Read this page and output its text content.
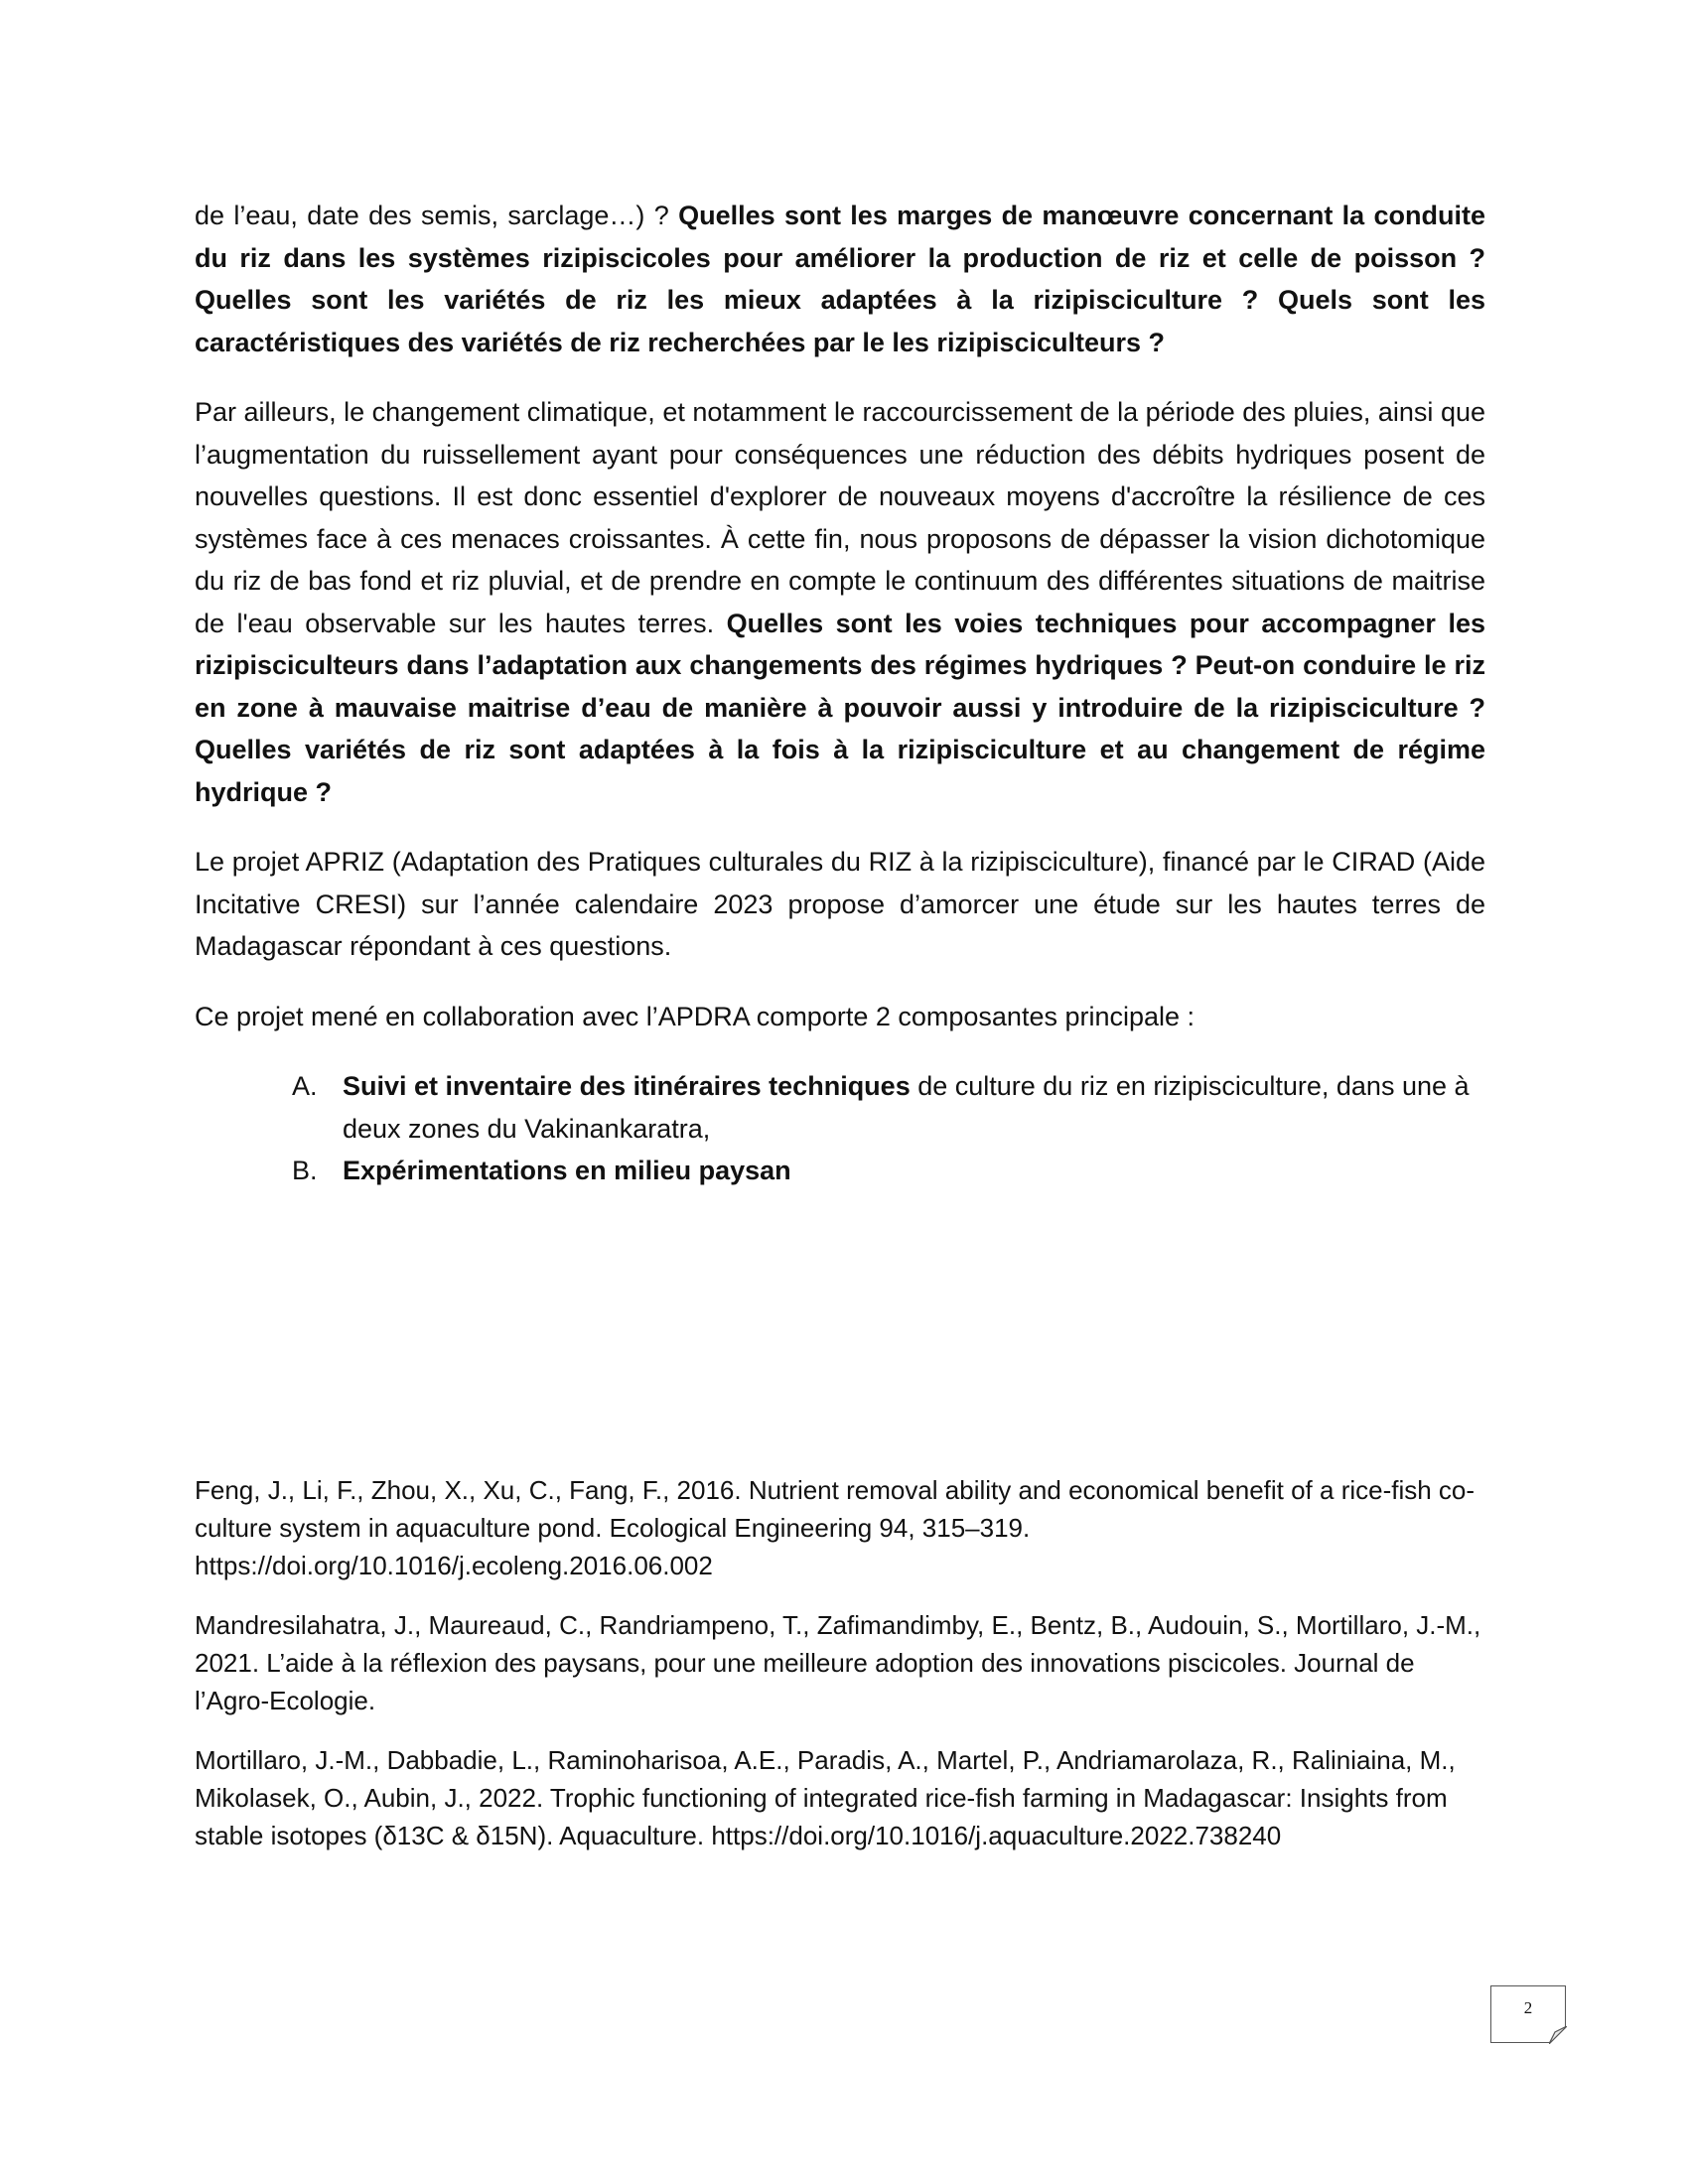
de l’eau, date des semis, sarclage…) ? Quelles sont les marges de manœuvre concernant la conduite du riz dans les systèmes rizipiscicoles pour améliorer la production de riz et celle de poisson ? Quelles sont les variétés de riz les mieux adaptées à la rizipisciculture ? Quels sont les caractéristiques des variétés de riz recherchées par le les rizipisciculteurs ?

Par ailleurs, le changement climatique, et notamment le raccourcissement de la période des pluies, ainsi que l’augmentation du ruissellement ayant pour conséquences une réduction des débits hydriques posent de nouvelles questions. Il est donc essentiel d'explorer de nouveaux moyens d'accroître la résilience de ces systèmes face à ces menaces croissantes. À cette fin, nous proposons de dépasser la vision dichotomique du riz de bas fond et riz pluvial, et de prendre en compte le continuum des différentes situations de maitrise de l'eau observable sur les hautes terres. Quelles sont les voies techniques pour accompagner les rizipisciculteurs dans l’adaptation aux changements des régimes hydriques ? Peut-on conduire le riz en zone à mauvaise maitrise d’eau de manière à pouvoir aussi y introduire de la rizipisciculture ? Quelles variétés de riz sont adaptées à la fois à la rizipisciculture et au changement de régime hydrique ?

Le projet APRIZ (Adaptation des Pratiques culturales du RIZ à la rizipisciculture), financé par le CIRAD (Aide Incitative CRESI) sur l’année calendaire 2023 propose d’amorcer une étude sur les hautes terres de Madagascar répondant à ces questions.

Ce projet mené en collaboration avec l’APDRA comporte 2 composantes principale :

A. Suivi et inventaire des itinéraires techniques de culture du riz en rizipisciculture, dans une à deux zones du Vakinankaratra,
B. Expérimentations en milieu paysan

Feng, J., Li, F., Zhou, X., Xu, C., Fang, F., 2016. Nutrient removal ability and economical benefit of a rice-fish co-culture system in aquaculture pond. Ecological Engineering 94, 315–319. https://doi.org/10.1016/j.ecoleng.2016.06.002

Mandresilahatra, J., Maureaud, C., Randriampeno, T., Zafimandimby, E., Bentz, B., Audouin, S., Mortillaro, J.-M., 2021. L’aide à la réflexion des paysans, pour une meilleure adoption des innovations piscicoles. Journal de l’Agro-Ecologie.

Mortillaro, J.-M., Dabbadie, L., Raminoharisoa, A.E., Paradis, A., Martel, P., Andriamarolaza, R., Raliniaina, M., Mikolasek, O., Aubin, J., 2022. Trophic functioning of integrated rice-fish farming in Madagascar: Insights from stable isotopes (δ13C & δ15N). Aquaculture. https://doi.org/10.1016/j.aquaculture.2022.738240

2
